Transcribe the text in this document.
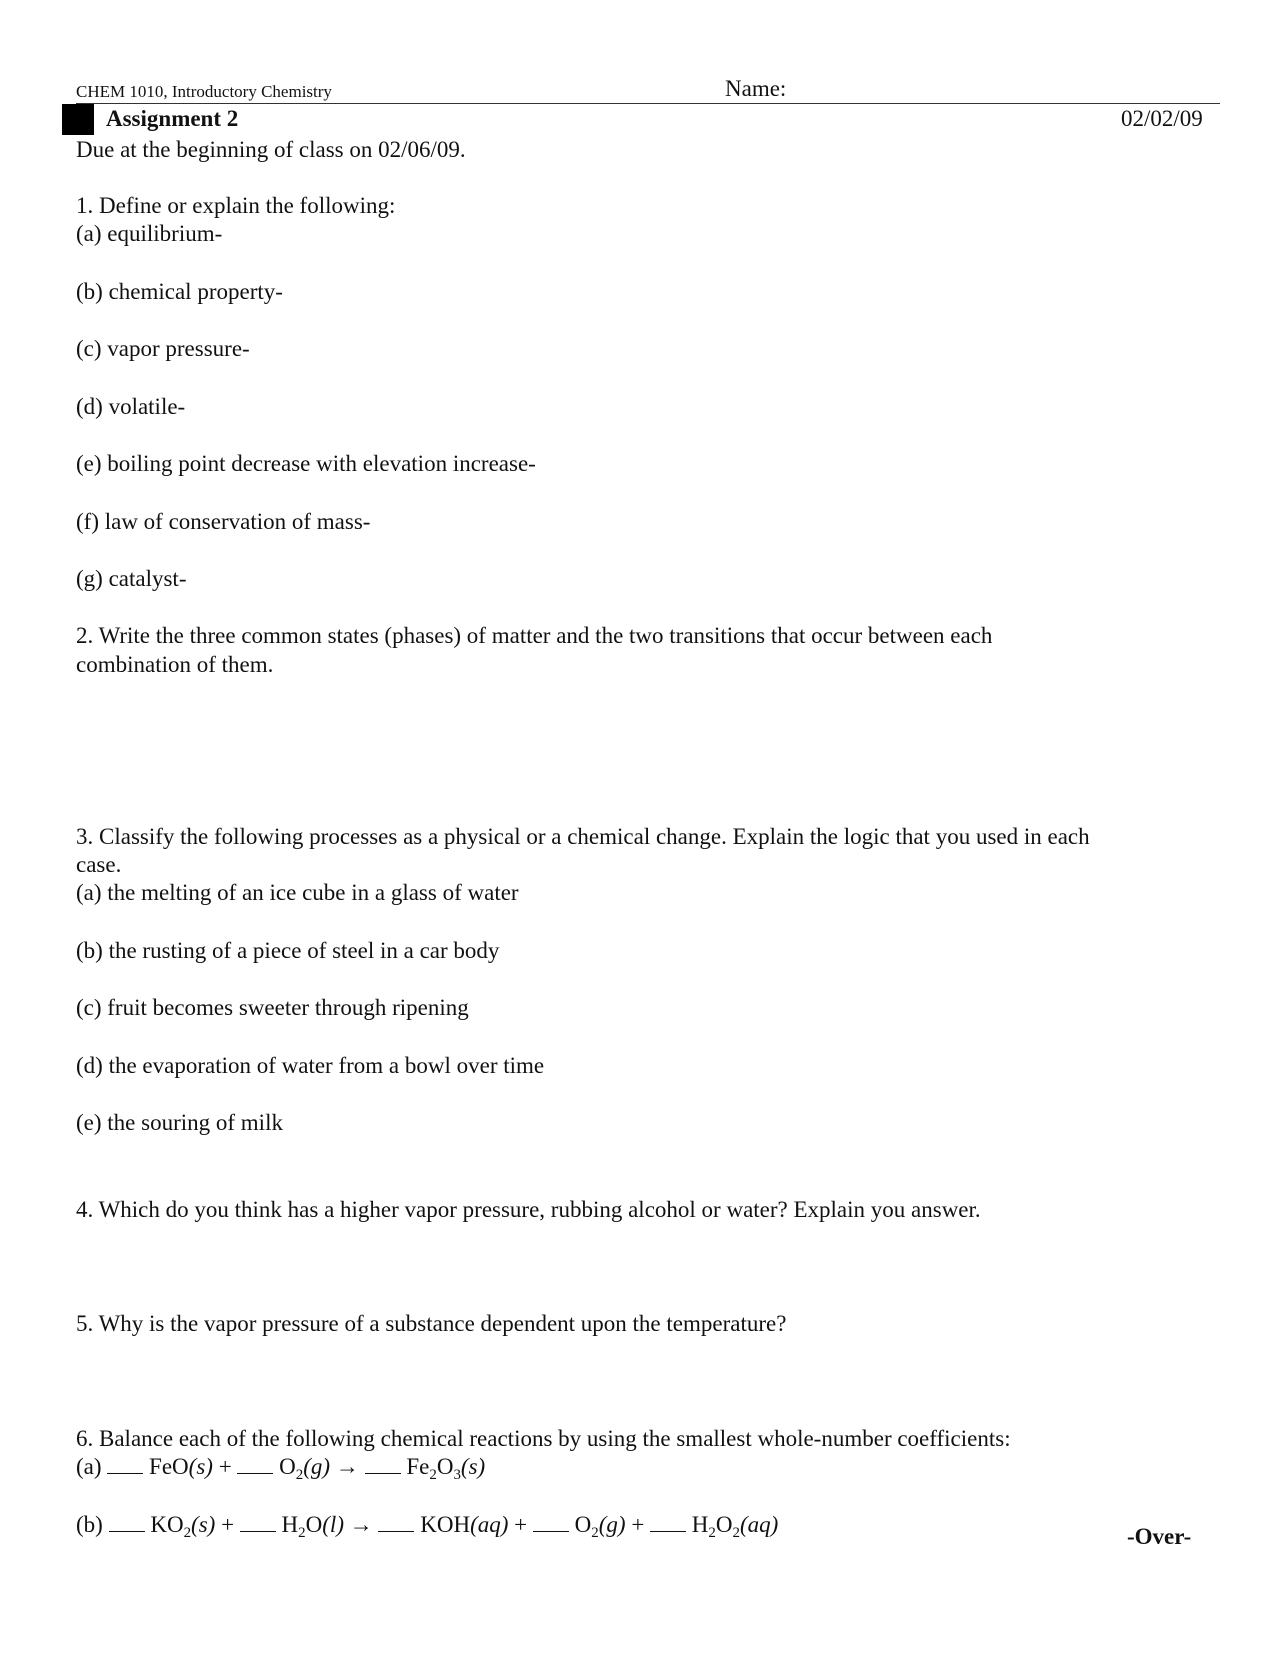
CHEM 1010, Introductory Chemistry	Name:
Assignment 2	02/02/09
Due at the beginning of class on 02/06/09.
1. Define or explain the following:
(a) equilibrium-
(b) chemical property-
(c) vapor pressure-
(d) volatile-
(e) boiling point decrease with elevation increase-
(f) law of conservation of mass-
(g) catalyst-
2. Write the three common states (phases) of matter and the two transitions that occur between each
combination of them.
3. Classify the following processes as a physical or a chemical change. Explain the logic that you used in each
case.
(a) the melting of an ice cube in a glass of water
(b) the rusting of a piece of steel in a car body
(c) fruit becomes sweeter through ripening
(d) the evaporation of water from a bowl over time
(e) the souring of milk
4. Which do you think has a higher vapor pressure, rubbing alcohol or water? Explain you answer.
5. Why is the vapor pressure of a substance dependent upon the temperature?
6. Balance each of the following chemical reactions by using the smallest whole-number coefficients:
(a) $FeO(s) + O_2(g) \to Fe_2O_3(s)$
(b) $KO_2(s) + H_2O(l) \to KOH(aq) + O_2(g) + H_2O_2(aq)$	-Over-
